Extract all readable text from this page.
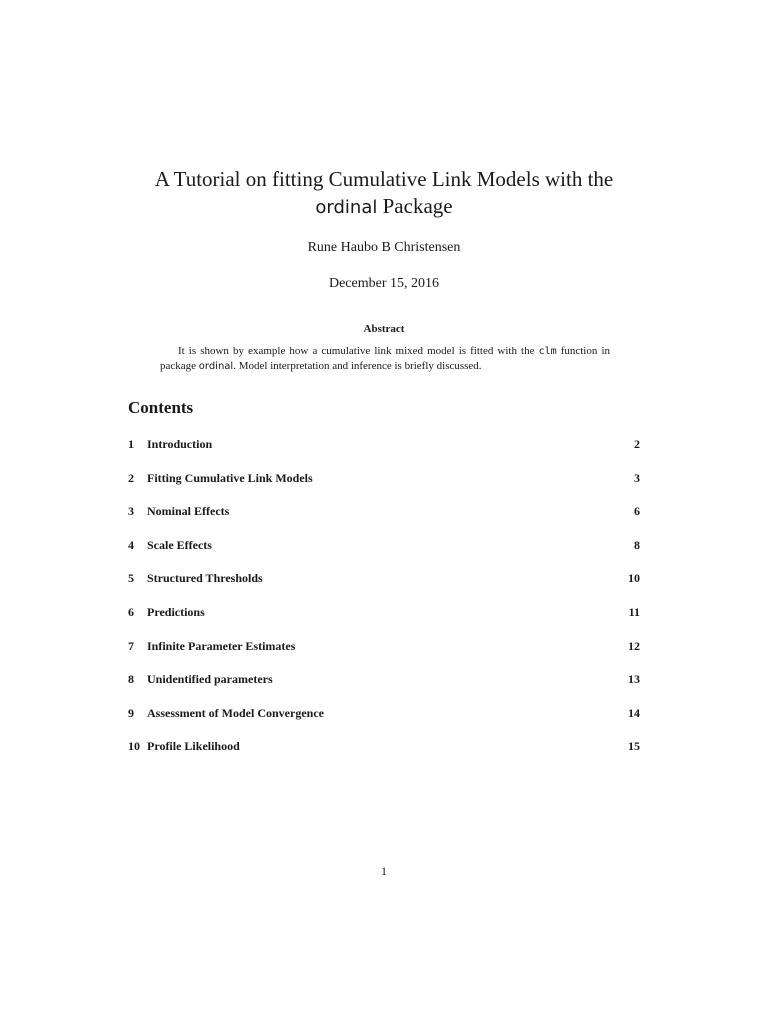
A Tutorial on fitting Cumulative Link Models with the
ordinal Package
Rune Haubo B Christensen
December 15, 2016
Abstract

It is shown by example how a cumulative link mixed model is fitted with the clm function in package ordinal. Model interpretation and inference is briefly discussed.

Contents
1 Introduction	2
2 Fitting Cumulative Link Models	3
3 Nominal Effects	6
4 Scale Effects	8
5 Structured Thresholds	10
6 Predictions	11
7 Infinite Parameter Estimates	12
8 Unidentified parameters	13
9 Assessment of Model Convergence	14
10 Profile Likelihood	15
1
